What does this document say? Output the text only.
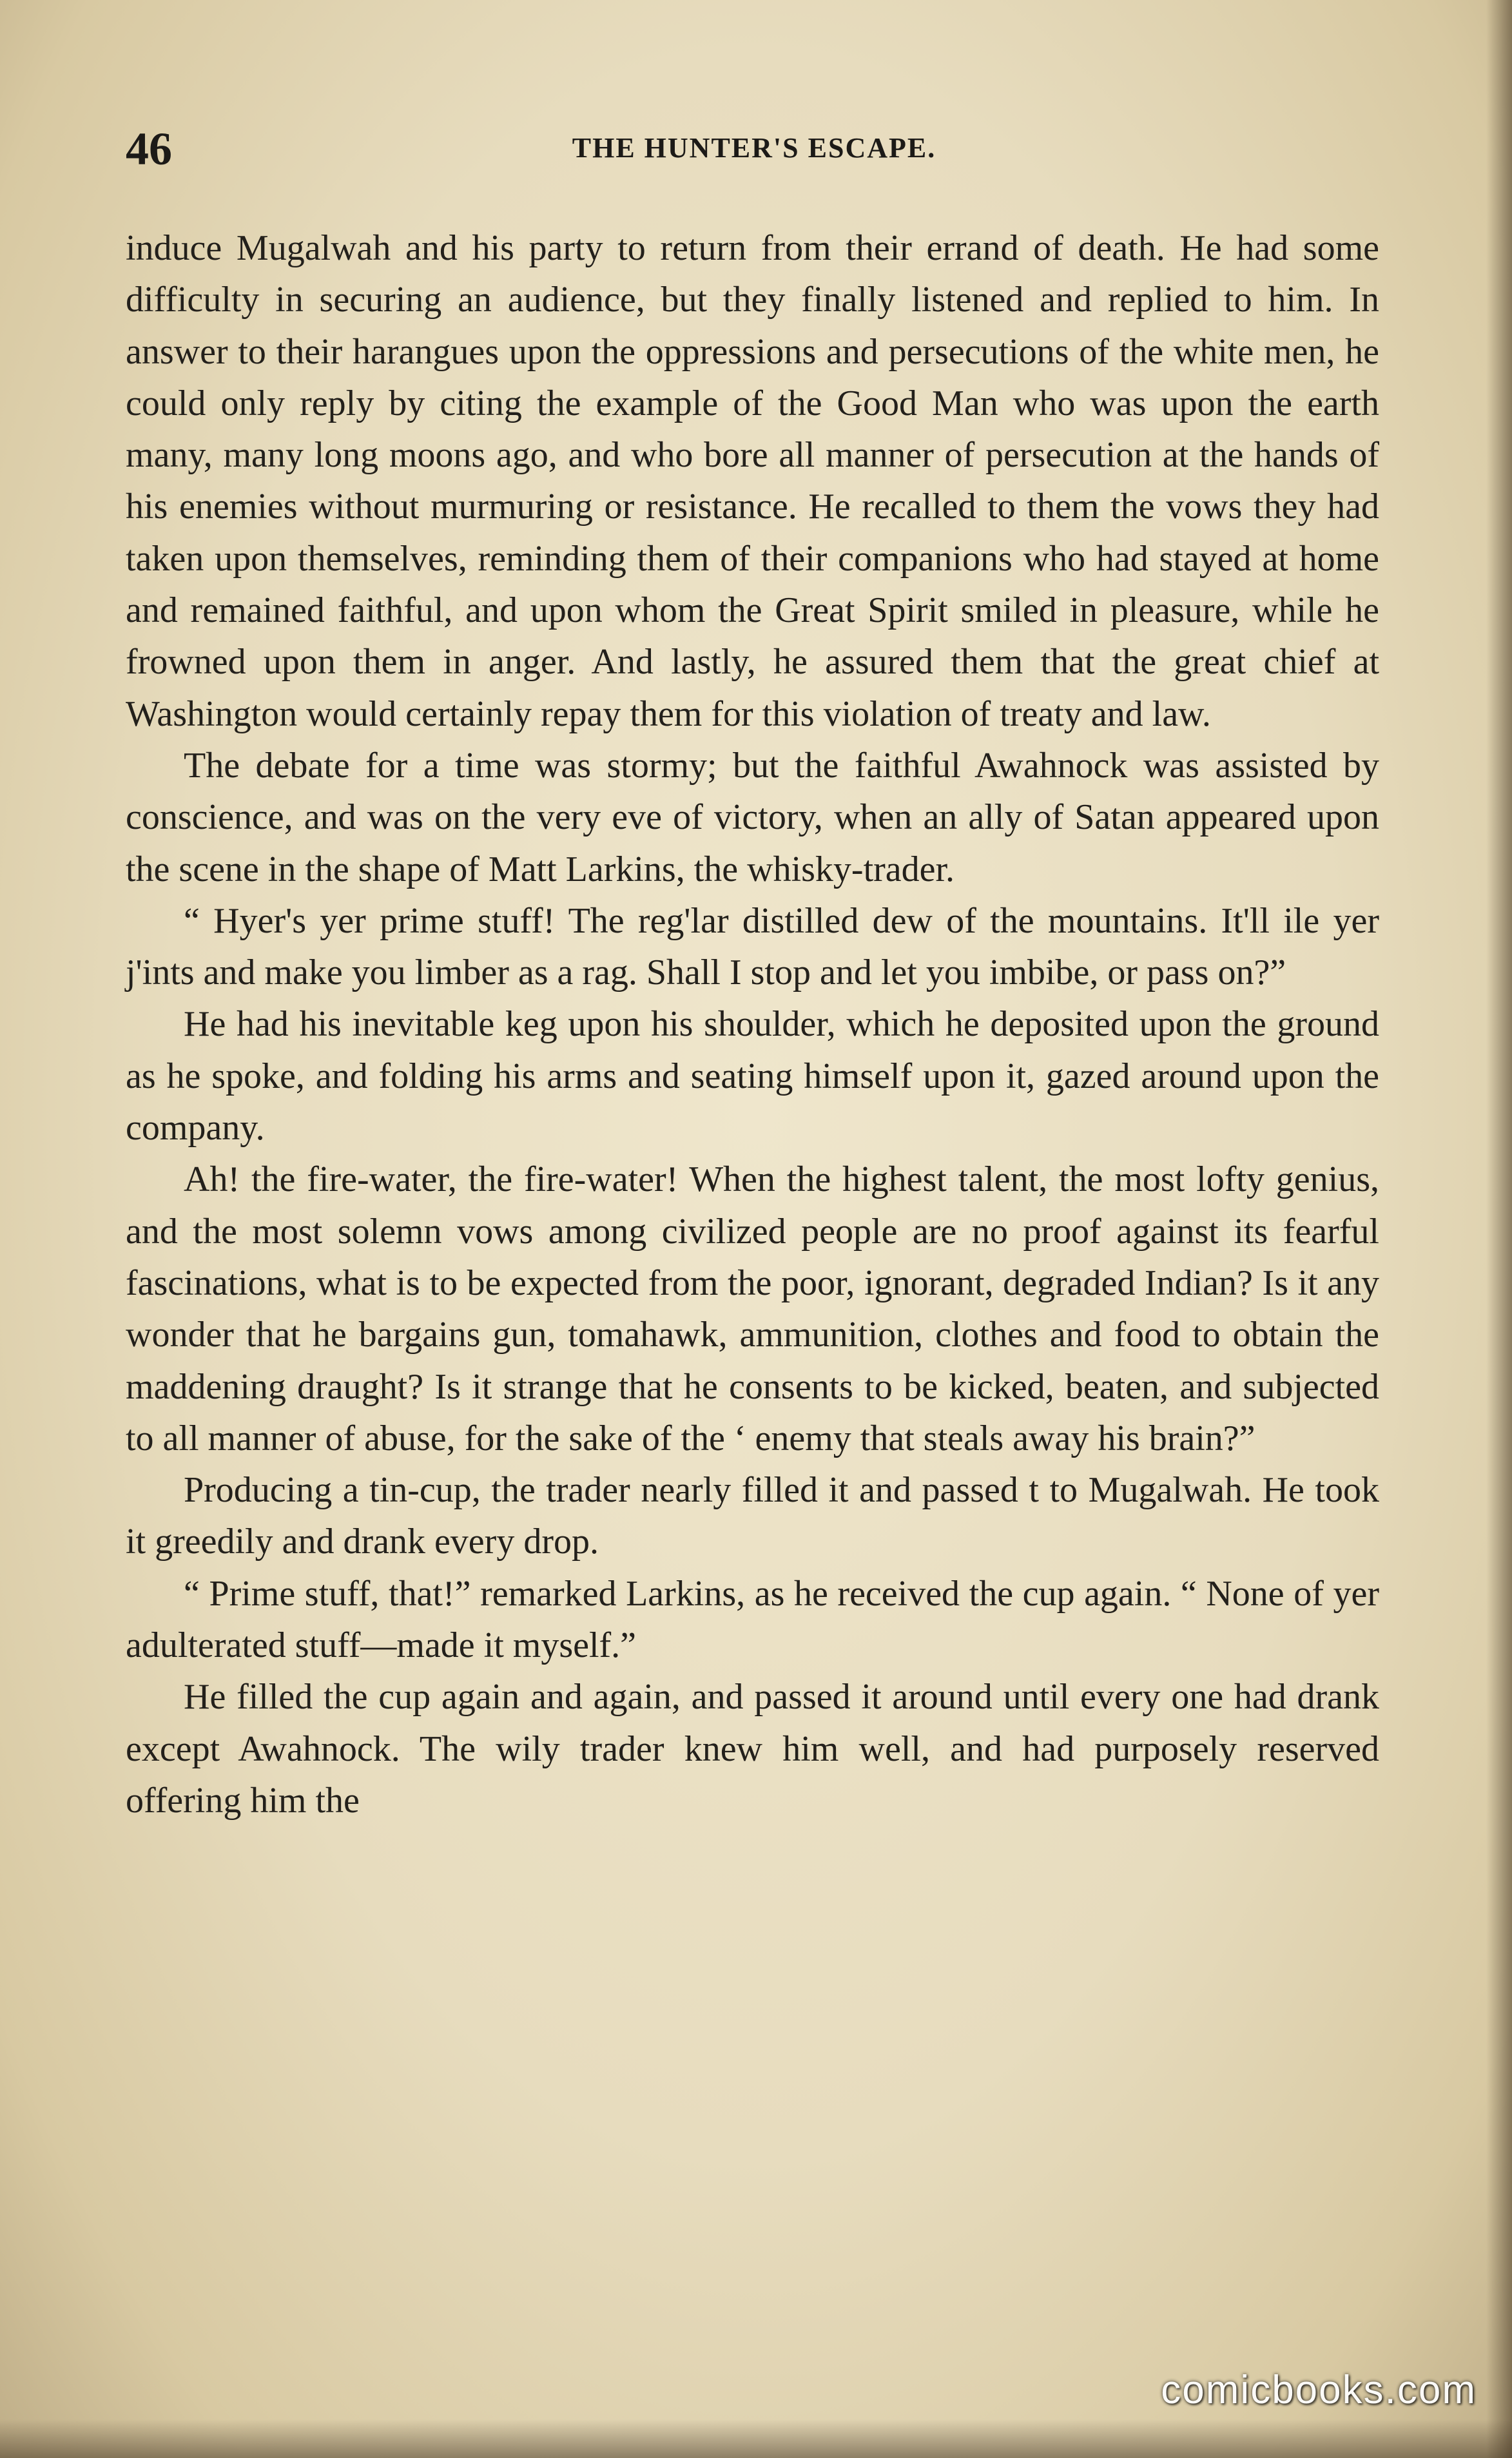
46	THE HUNTER'S ESCAPE.

induce Mugalwah and his party to return from their errand of death. He had some difficulty in securing an audience, but they finally listened and replied to him. In answer to their harangues upon the oppressions and persecutions of the white men, he could only reply by citing the example of the Good Man who was upon the earth many, many long moons ago, and who bore all manner of persecution at the hands of his enemies without murmuring or resistance. He recalled to them the vows they had taken upon themselves, reminding them of their companions who had stayed at home and remained faithful, and upon whom the Great Spirit smiled in pleasure, while he frowned upon them in anger. And lastly, he assured them that the great chief at Washington would certainly repay them for this violation of treaty and law.

The debate for a time was stormy; but the faithful Awahnock was assisted by conscience, and was on the very eve of victory, when an ally of Satan appeared upon the scene in the shape of Matt Larkins, the whisky-trader.

“ Hyer's yer prime stuff! The reg'lar distilled dew of the mountains. It'll ile yer j'ints and make you limber as a rag. Shall I stop and let you imbibe, or pass on?”

He had his inevitable keg upon his shoulder, which he deposited upon the ground as he spoke, and folding his arms and seating himself upon it, gazed around upon the company.

Ah! the fire-water, the fire-water! When the highest talent, the most lofty genius, and the most solemn vows among civilized people are no proof against its fearful fascinations, what is to be expected from the poor, ignorant, degraded Indian? Is it any wonder that he bargains gun, tomahawk, ammunition, clothes and food to obtain the maddening draught? Is it strange that he consents to be kicked, beaten, and subjected to all manner of abuse, for the sake of the ‘ enemy that steals away his brain?”

Producing a tin-cup, the trader nearly filled it and passed t to Mugalwah. He took it greedily and drank every drop.

“ Prime stuff, that!” remarked Larkins, as he received the cup again. “ None of yer adulterated stuff—made it myself.”

He filled the cup again and again, and passed it around until every one had drank except Awahnock. The wily trader knew him well, and had purposely reserved offering him the

comicbooks.com
